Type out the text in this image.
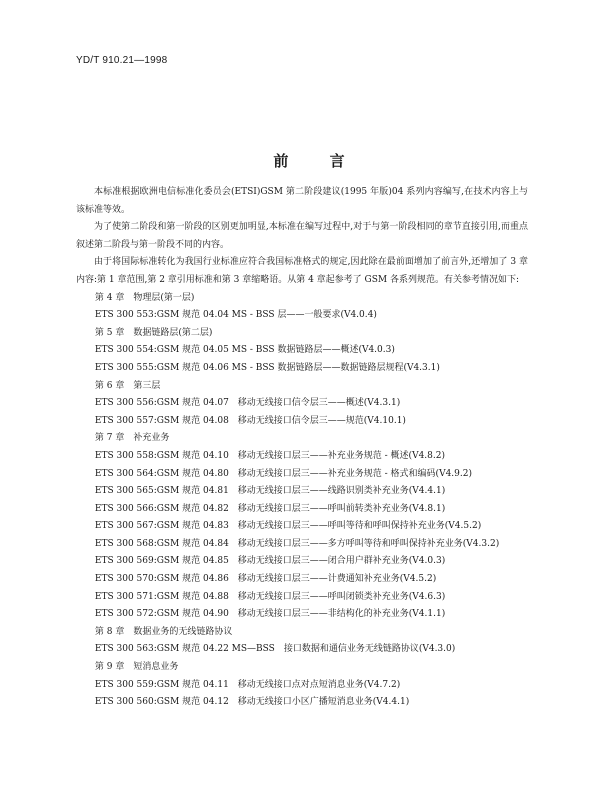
YD/T 910.21—1998
前 言

本标准根据欧洲电信标准化委员会(ETSI)GSM 第二阶段建议(1995 年版)04 系列内容编写,在技术内容上与该标准等效。

为了使第二阶段和第一阶段的区别更加明显,本标准在编写过程中,对于与第一阶段相同的章节直接引用,而重点叙述第二阶段与第一阶段不同的内容。

由于将国际标准转化为我国行业标准应符合我国标准格式的规定,因此除在最前面增加了前言外,还增加了 3 章内容:第 1 章范围,第 2 章引用标准和第 3 章缩略语。从第 4 章起参考了 GSM 各系列规范。有关参考情况如下:

第 4 章　物理层(第一层)
ETS 300 553:GSM 规范 04.04 MS - BSS 层——一般要求(V4.0.4)
第 5 章　数据链路层(第二层)
ETS 300 554:GSM 规范 04.05 MS - BSS 数据链路层——概述(V4.0.3)
ETS 300 555:GSM 规范 04.06 MS - BSS 数据链路层——数据链路层规程(V4.3.1)
第 6 章　第三层
ETS 300 556:GSM 规范 04.07　移动无线接口信令层三——概述(V4.3.1)
ETS 300 557:GSM 规范 04.08　移动无线接口信令层三——规范(V4.10.1)
第 7 章　补充业务
ETS 300 558:GSM 规范 04.10　移动无线接口层三——补充业务规范 - 概述(V4.8.2)
ETS 300 564:GSM 规范 04.80　移动无线接口层三——补充业务规范 - 格式和编码(V4.9.2)
ETS 300 565:GSM 规范 04.81　移动无线接口层三——线路识别类补充业务(V4.4.1)
ETS 300 566:GSM 规范 04.82　移动无线接口层三——呼叫前转类补充业务(V4.8.1)
ETS 300 567:GSM 规范 04.83　移动无线接口层三——呼叫等待和呼叫保持补充业务(V4.5.2)
ETS 300 568:GSM 规范 04.84　移动无线接口层三——多方呼叫等待和呼叫保持补充业务(V4.3.2)
ETS 300 569:GSM 规范 04.85　移动无线接口层三——闭合用户群补充业务(V4.0.3)
ETS 300 570:GSM 规范 04.86　移动无线接口层三——计费通知补充业务(V4.5.2)
ETS 300 571:GSM 规范 04.88　移动无线接口层三——呼叫闭锁类补充业务(V4.6.3)
ETS 300 572:GSM 规范 04.90　移动无线接口层三——非结构化的补充业务(V4.1.1)
第 8 章　数据业务的无线链路协议
ETS 300 563:GSM 规范 04.22 MS—BSS　接口数据和通信业务无线链路协议(V4.3.0)
第 9 章　短消息业务
ETS 300 559:GSM 规范 04.11　移动无线接口点对点短消息业务(V4.7.2)
ETS 300 560:GSM 规范 04.12　移动无线接口小区广播短消息业务(V4.4.1)
